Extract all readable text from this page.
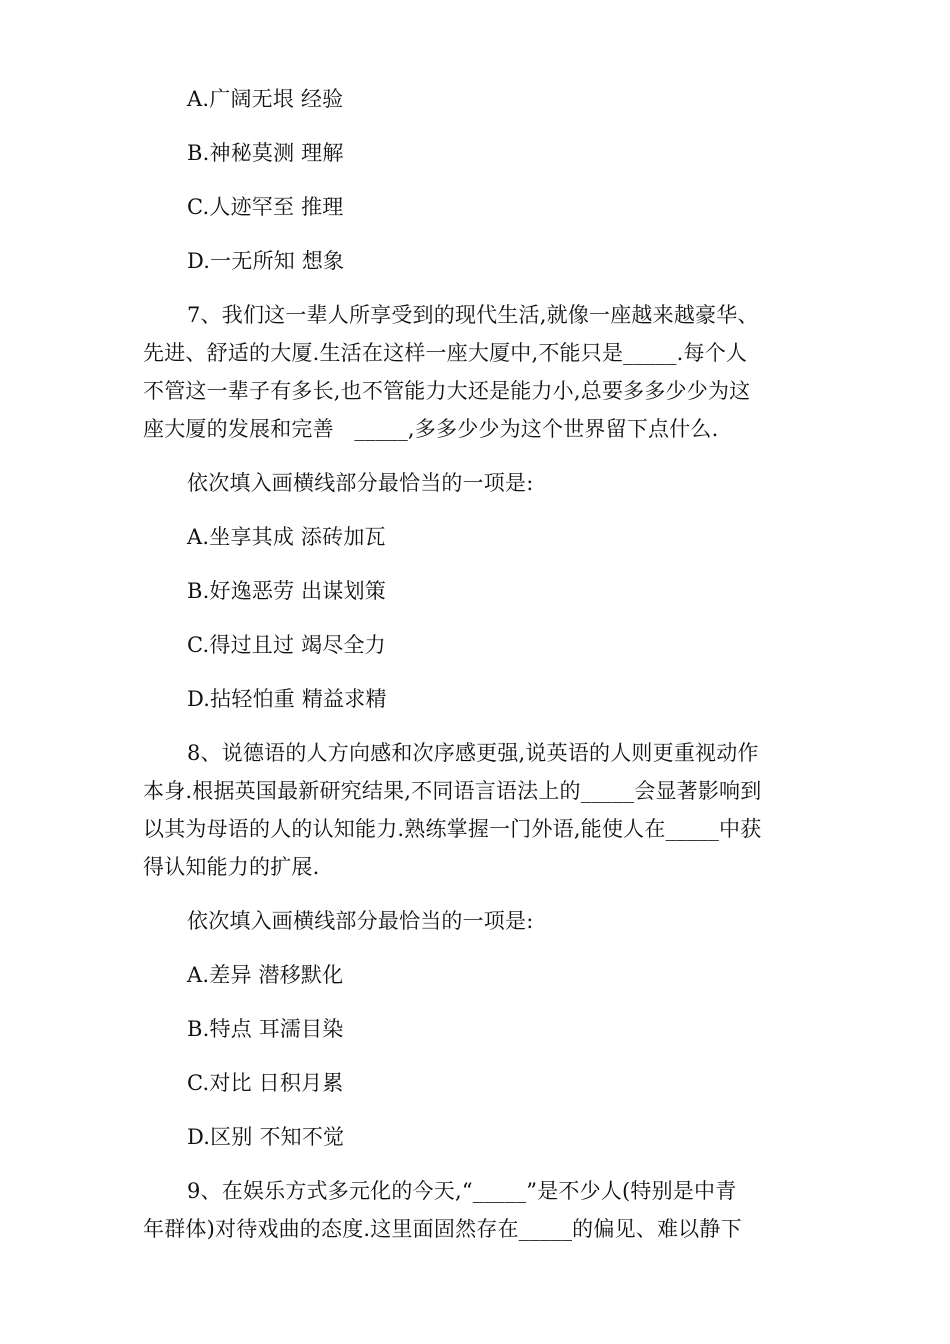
A.广阔无垠 经验
B.神秘莫测 理解
C.人迹罕至 推理
D.一无所知 想象
7、我们这一辈人所享受到的现代生活,就像一座越来越豪华、
先进、舒适的大厦.生活在这样一座大厦中,不能只是_____.每个人
不管这一辈子有多长,也不管能力大还是能力小,总要多多少少为这
座大厦的发展和完善   _____,多多少少为这个世界留下点什么.
依次填入画横线部分最恰当的一项是:
A.坐享其成 添砖加瓦
B.好逸恶劳 出谋划策
C.得过且过 竭尽全力
D.拈轻怕重 精益求精
8、说德语的人方向感和次序感更强,说英语的人则更重视动作
本身.根据英国最新研究结果,不同语言语法上的_____会显著影响到
以其为母语的人的认知能力.熟练掌握一门外语,能使人在_____中获
得认知能力的扩展.
依次填入画横线部分最恰当的一项是:
A.差异 潜移默化
B.特点 耳濡目染
C.对比 日积月累
D.区别 不知不觉
9、在娱乐方式多元化的今天,“_____”是不少人(特别是中青
年群体)对待戏曲的态度.这里面固然存在_____的偏见、难以静下
